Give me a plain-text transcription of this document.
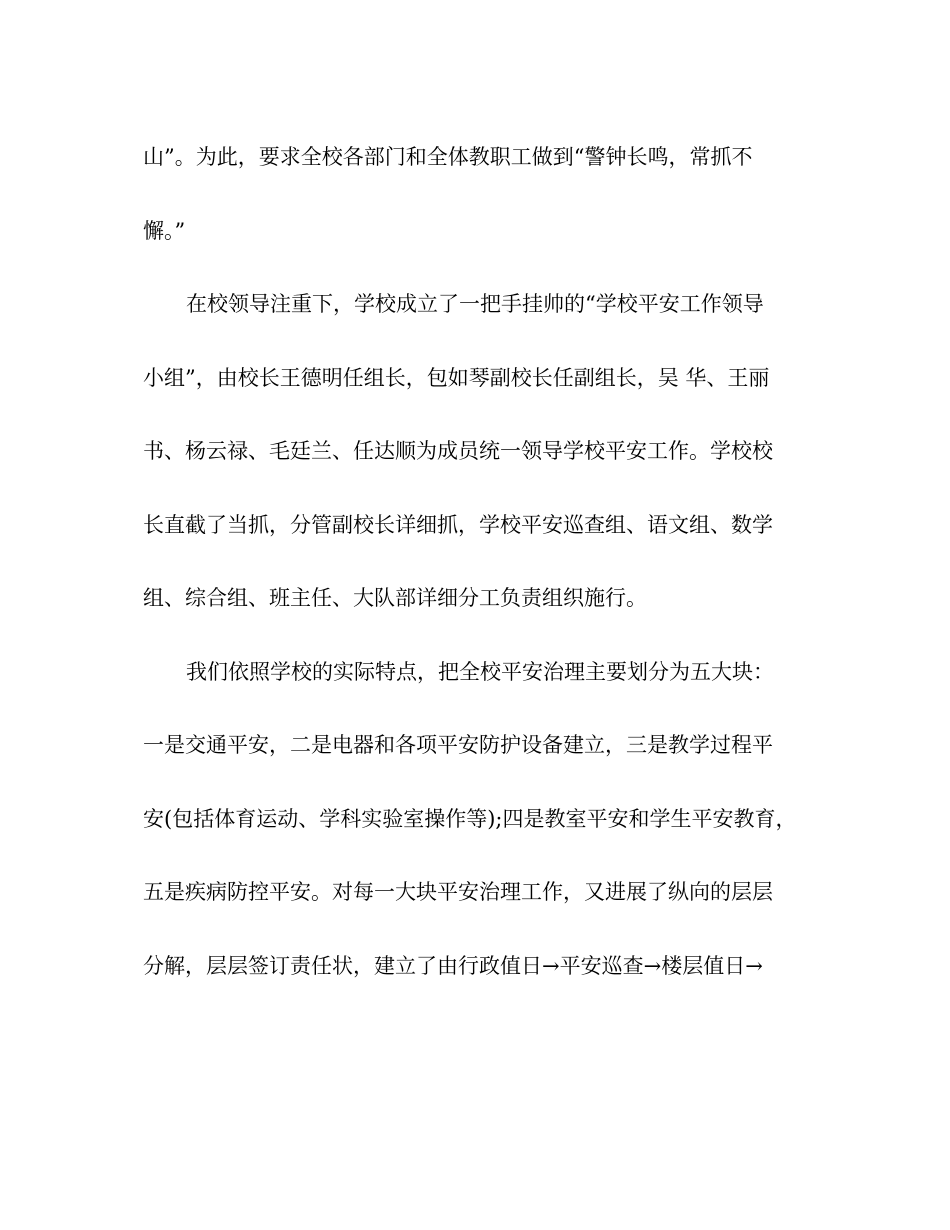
山”。为此，要求全校各部门和全体教职工做到“警钟长鸣，常抓不
懈。”
在校领导注重下，学校成立了一把手挂帅的“学校平安工作领导
小组”，由校长王德明任组长，包如琴副校长任副组长，吴 华、王丽
书、杨云禄、毛廷兰、任达顺为成员统一领导学校平安工作。学校校
长直截了当抓，分管副校长详细抓，学校平安巡查组、语文组、数学
组、综合组、班主任、大队部详细分工负责组织施行。
我们依照学校的实际特点，把全校平安治理主要划分为五大块：
一是交通平安，二是电器和各项平安防护设备建立，三是教学过程平
安(包括体育运动、学科实验室操作等);四是教室平安和学生平安教育，
五是疾病防控平安。对每一大块平安治理工作，又进展了纵向的层层
分解，层层签订责任状，建立了由行政值日→平安巡查→楼层值日→
